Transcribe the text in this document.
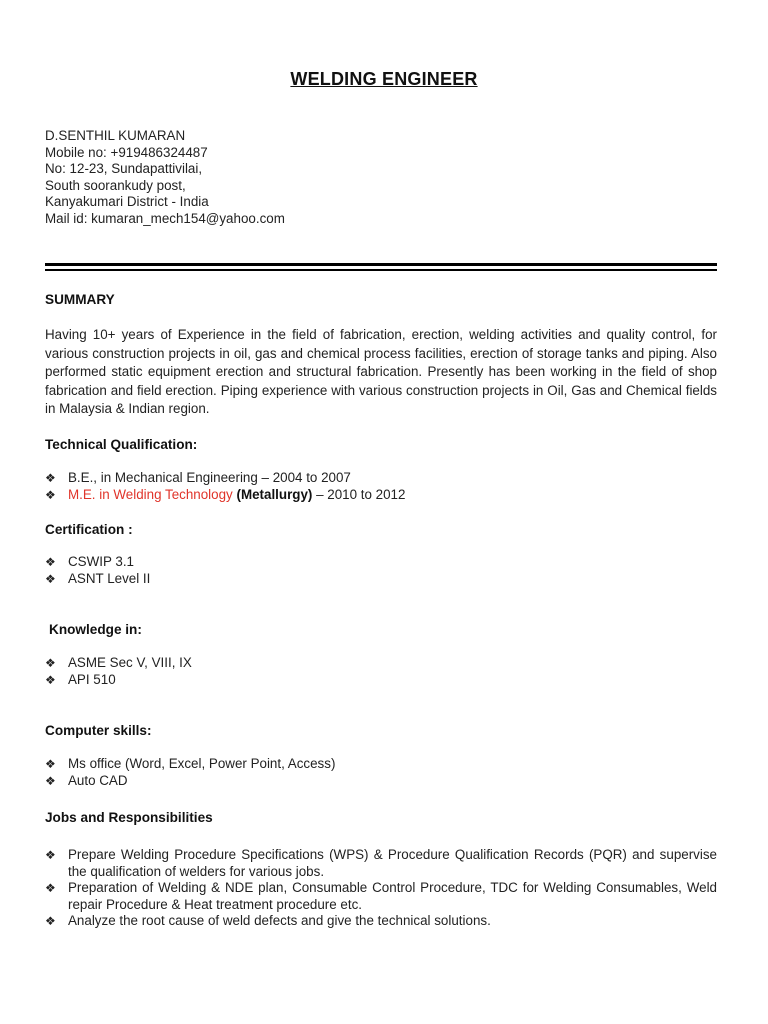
WELDING ENGINEER
D.SENTHIL KUMARAN
Mobile no: +919486324487
No: 12-23, Sundapattivilai,
South soorankudy post,
Kanyakumari District - India
Mail id: kumaran_mech154@yahoo.com
SUMMARY
Having 10+ years of Experience in the field of fabrication, erection, welding activities and quality control, for various construction projects in oil, gas and chemical process facilities, erection of storage tanks and piping. Also performed static equipment erection and structural fabrication. Presently has been working in the field of shop fabrication and field erection. Piping experience with various construction projects in Oil, Gas and Chemical fields in Malaysia & Indian region.
Technical Qualification:
❖ B.E., in Mechanical Engineering – 2004 to 2007
❖ M.E. in Welding Technology (Metallurgy) – 2010 to 2012
Certification :
❖ CSWIP 3.1
❖ ASNT Level II
Knowledge in:
❖ ASME Sec V, VIII, IX
❖ API 510
Computer skills:
❖ Ms office (Word, Excel, Power Point, Access)
❖ Auto CAD
Jobs and Responsibilities
❖ Prepare Welding Procedure Specifications (WPS) & Procedure Qualification Records (PQR) and supervise the qualification of welders for various jobs.
❖ Preparation of Welding & NDE plan, Consumable Control Procedure, TDC for Welding Consumables, Weld repair Procedure & Heat treatment procedure etc.
❖ Analyze the root cause of weld defects and give the technical solutions.
